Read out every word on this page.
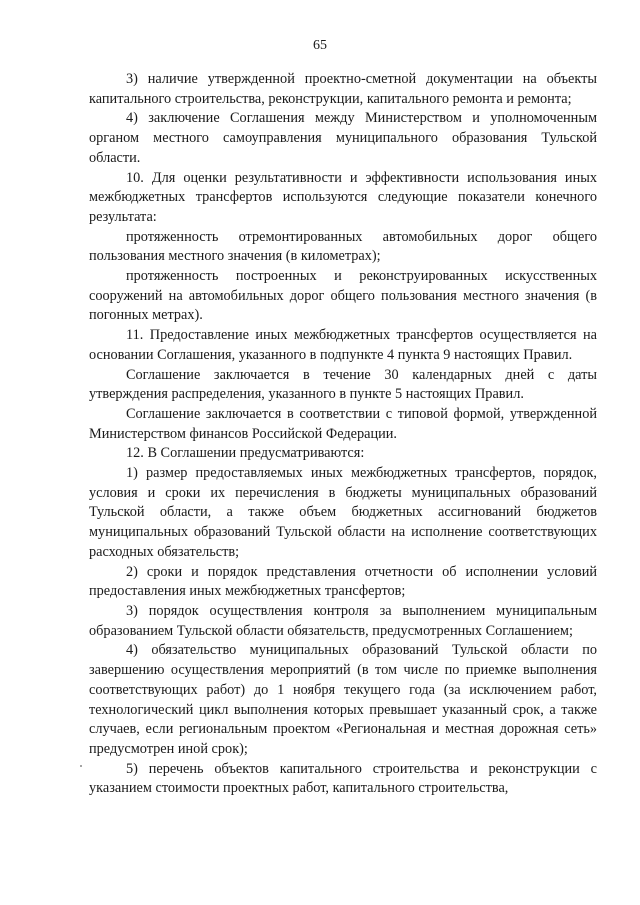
65

3) наличие утвержденной проектно-сметной документации на объекты капитального строительства, реконструкции, капитального ремонта и ремонта;

4) заключение Соглашения между Министерством и уполномоченным органом местного самоуправления муниципального образования Тульской области.

10. Для оценки результативности и эффективности использования иных межбюджетных трансфертов используются следующие показатели конечного результата:

протяженность отремонтированных автомобильных дорог общего пользования местного значения (в километрах);

протяженность построенных и реконструированных искусственных сооружений на автомобильных дорог общего пользования местного значения (в погонных метрах).

11. Предоставление иных межбюджетных трансфертов осуществляется на основании Соглашения, указанного в подпункте 4 пункта 9 настоящих Правил.

Соглашение заключается в течение 30 календарных дней с даты утверждения распределения, указанного в пункте 5 настоящих Правил.

Соглашение заключается в соответствии с типовой формой, утвержденной Министерством финансов Российской Федерации.

12. В Соглашении предусматриваются:

1) размер предоставляемых иных межбюджетных трансфертов, порядок, условия и сроки их перечисления в бюджеты муниципальных образований Тульской области, а также объем бюджетных ассигнований бюджетов муниципальных образований Тульской области на исполнение соответствующих расходных обязательств;

2) сроки и порядок представления отчетности об исполнении условий предоставления иных межбюджетных трансфертов;

3) порядок осуществления контроля за выполнением муниципальным образованием Тульской области обязательств, предусмотренных Соглашением;

4) обязательство муниципальных образований Тульской области по завершению осуществления мероприятий (в том числе по приемке выполнения соответствующих работ) до 1 ноября текущего года (за исключением работ, технологический цикл выполнения которых превышает указанный срок, а также случаев, если региональным проектом «Региональная и местная дорожная сеть» предусмотрен иной срок);

5) перечень объектов капитального строительства и реконструкции с указанием стоимости проектных работ, капитального строительства,
